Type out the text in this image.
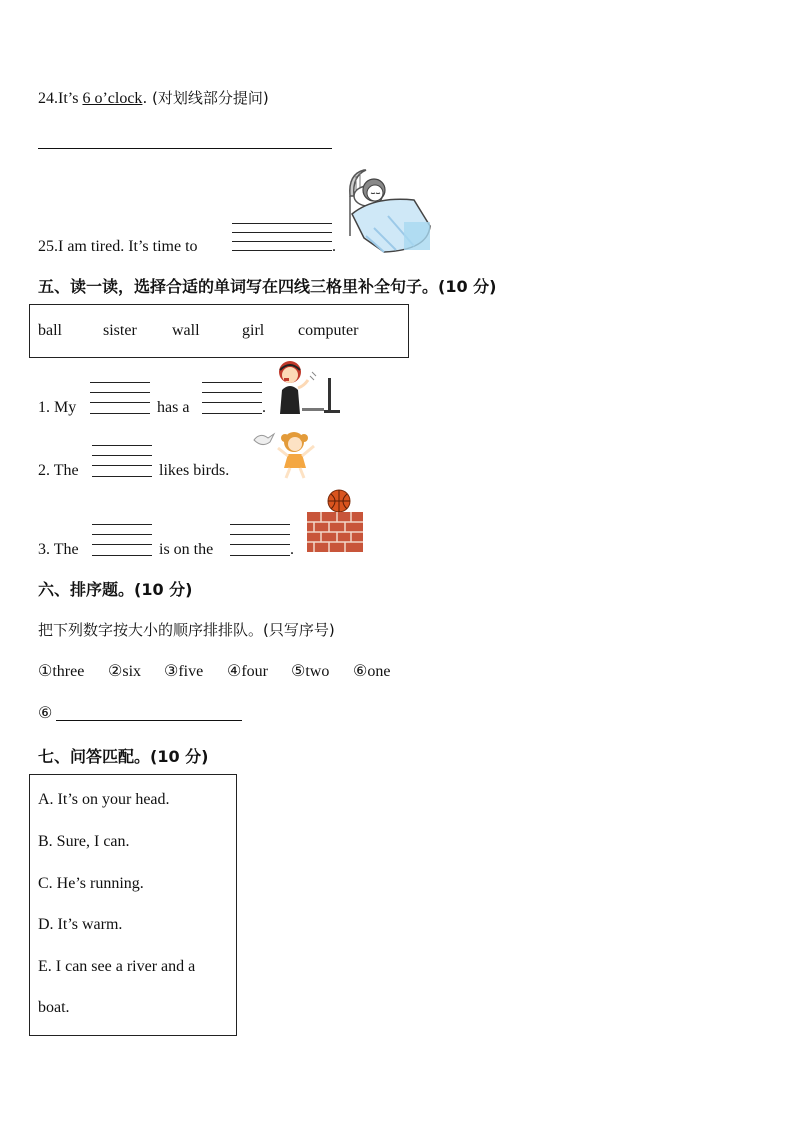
24.It’s 6 o’clock. (对划线部分提问)
25.I am tired. It’s time to	.
五、读一读，选择合适的单词写在四线三格里补全句子。(10 分)
ball	sister wall	girl computer
1. My	has a	.
2. The	likes birds.
3. The	is on the	.
六、排序题。(10 分)
把下列数字按大小的顺序排排队。(只写序号)
①three ②six ③five ④four ⑤two ⑥one
⑥
七、问答匹配。(10 分)
A. It’s on your head.
B. Sure, I can.
C. He’s running.
D. It’s warm.
E. I can see a river and a
boat.
